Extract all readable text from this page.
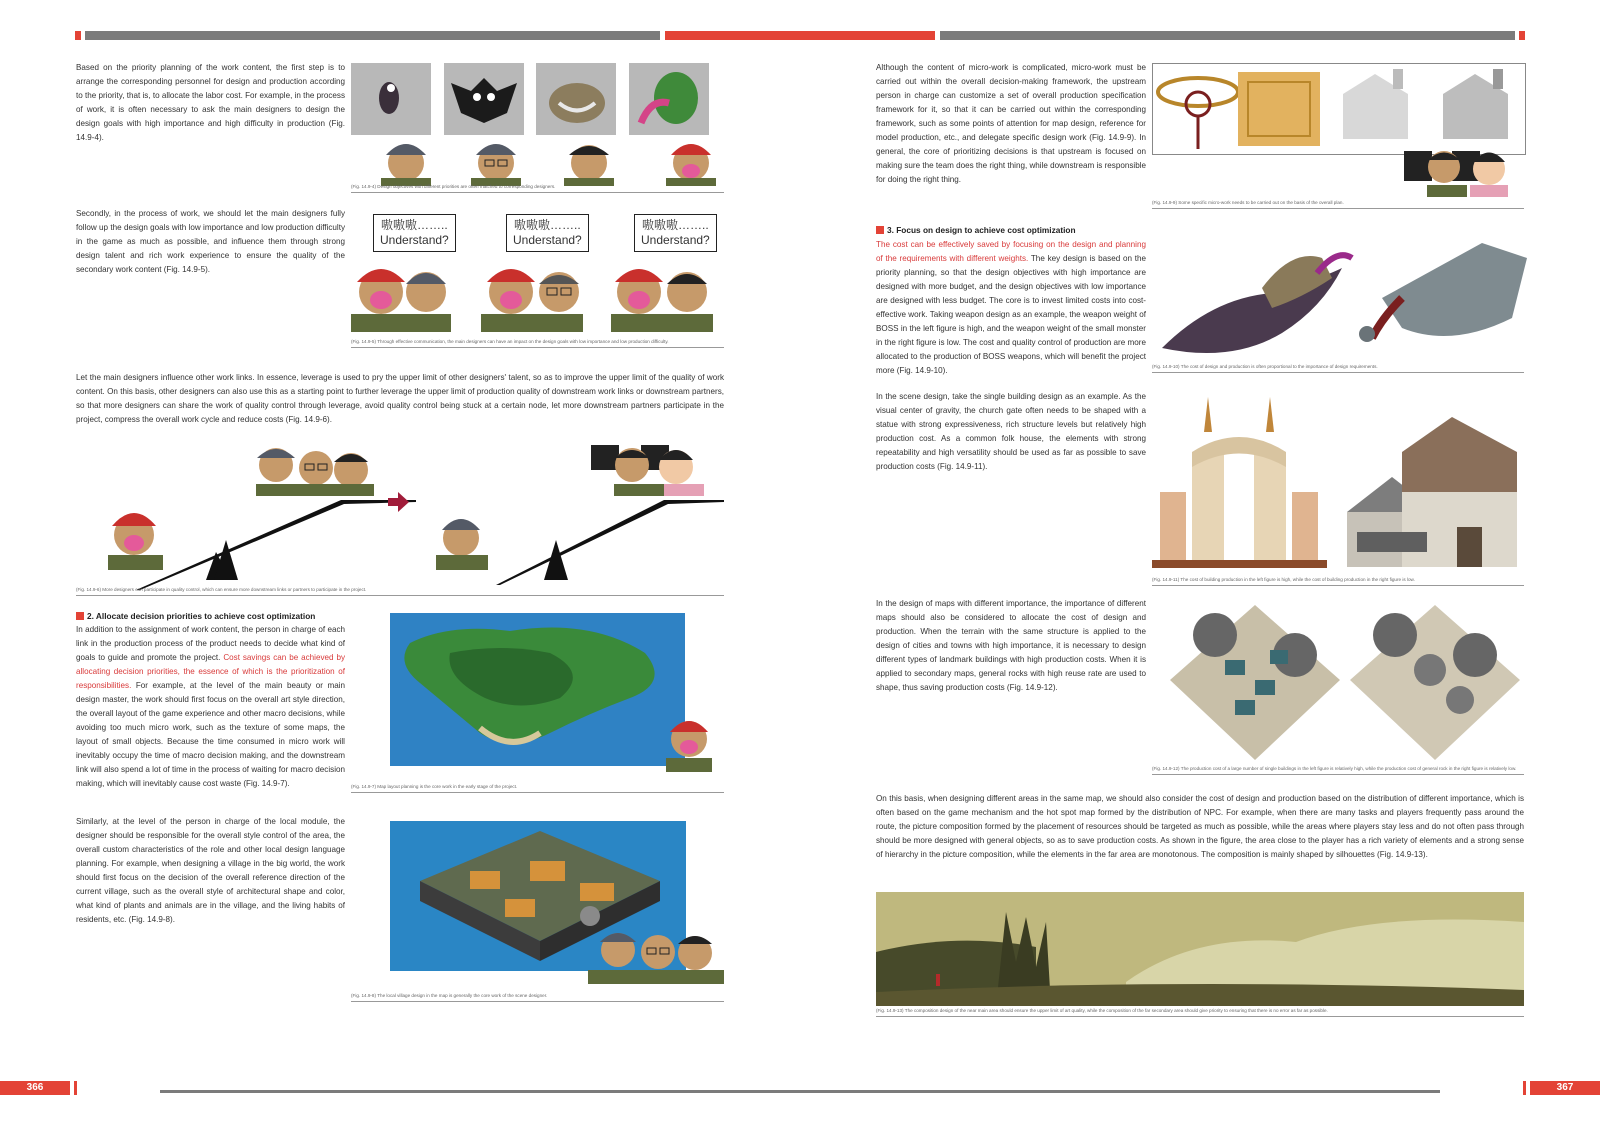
Based on the priority planning of the work content, the first step is to arrange the corresponding personnel for design and production according to the priority, that is, to allocate the labor cost. For example, in the process of work, it is often necessary to ask the main designers to design the design goals with high importance and high difficulty in production (Fig. 14.9-4).

(Fig. 14.9-4) Design objectives with different priorities are often matched to corresponding designers.

Secondly, in the process of work, we should let the main designers fully follow up the design goals with low importance and low production difficulty in the game as much as possible, and influence them through strong design talent and rich work experience to ensure the quality of the secondary work content (Fig. 14.9-5).

嗷嗷嗷……..
Understand?
嗷嗷嗷……..
Understand?
嗷嗷嗷……..
Understand?
(Fig. 14.9-5) Through effective communication, the main designers can have an impact on the design goals with low importance and low production difficulty.

Let the main designers influence other work links. In essence, leverage is used to pry the upper limit of other designers' talent, so as to improve the upper limit of the quality of work content. On this basis, other designers can also use this as a starting point to further leverage the upper limit of production quality of downstream work links or downstream partners, so that more designers can share the work of quality control through leverage, avoid quality control being stuck at a certain node, let more downstream partners participate in the project, compress the overall work cycle and reduce costs (Fig. 14.9-6).

(Fig. 14.9-6) More designers can participate in quality control, which can ensure more downstream links or partners to participate in the project.
2. Allocate decision priorities to achieve cost optimization

In addition to the assignment of work content, the person in charge of each link in the production process of the product needs to decide what kind of goals to guide and promote the project. Cost savings can be achieved by allocating decision priorities, the essence of which is the prioritization of responsibilities. For example, at the level of the main beauty or main design master, the work should first focus on the overall art style direction, the overall layout of the game experience and other macro decisions, while avoiding too much micro work, such as the texture of some maps, the layout of small objects. Because the time consumed in micro work will inevitably occupy the time of macro decision making, and the downstream link will also spend a lot of time in the process of waiting for macro decision making, which will inevitably cause cost waste (Fig. 14.9-7).	(Fig. 14.9-7) Map layout planning is the core work in the early stage of the project.

Similarly, at the level of the person in charge of the local module, the designer should be responsible for the overall style control of the area, the overall custom characteristics of the role and other local design language planning. For example, when designing a village in the big world, the work should first focus on the decision of the overall reference direction of the current village, such as the overall style of architectural shape and color, what kind of plants and animals are in the village, and the living habits of residents, etc. (Fig. 14.9-8).

(Fig. 14.9-8) The local village design in the map is generally the core work of the scene designer.

Although the content of micro-work is complicated, micro-work must be carried out within the overall decision-making framework, the upstream person in charge can customize a set of overall production specification framework for it, so that it can be carried out within the corresponding framework, such as some points of attention for map design, reference for model production, etc., and delegate specific design work (Fig. 14.9-9). In general, the core of prioritizing decisions is that upstream is focused on making sure the team does the right thing, while downstream is responsible for doing the right thing.

(Fig. 14.9-9) Some specific micro-work needs to be carried out on the basis of the overall plan.
3. Focus on design to achieve cost optimization

The cost can be effectively saved by focusing on the design and planning of the requirements with different weights. The key design is based on the priority planning, so that the design objectives with high importance are designed with more budget, and the design objectives with low importance are designed with less budget. The core is to invest limited costs into cost-effective work. Taking weapon design as an example, the weapon weight of BOSS in the left figure is high, and the weapon weight of the small monster in the right figure is low. The cost and quality control of production are more allocated to the production of BOSS weapons, which will benefit the project more (Fig. 14.9-10).	(Fig. 14.9-10) The cost of design and production is often proportional to the importance of design requirements.

In the scene design, take the single building design as an example. As the visual center of gravity, the church gate often needs to be shaped with a statue with strong expressiveness, rich structure levels but relatively high production cost. As a common folk house, the elements with strong repeatability and high versatility should be used as far as possible to save production costs (Fig. 14.9-11).

(Fig. 14.9-11) The cost of building production in the left figure is high, while the cost of building production in the right figure is low.

In the design of maps with different importance, the importance of different maps should also be considered to allocate the cost of design and production. When the terrain with the same structure is applied to the design of cities and towns with high importance, it is necessary to design different types of landmark buildings with high production costs. When it is applied to secondary maps, general rocks with high reuse rate are used to shape, thus saving production costs (Fig. 14.9-12).

(Fig. 14.9-12) The production cost of a large number of single buildings in the left figure is relatively high, while the production cost of general rock in the right figure is relatively low.

On this basis, when designing different areas in the same map, we should also consider the cost of design and production based on the distribution of different importance, which is often based on the game mechanism and the hot spot map formed by the distribution of NPC. For example, when there are many tasks and players frequently pass around the route, the picture composition formed by the placement of resources should be targeted as much as possible, while the areas where players stay less and do not often pass through should be more designed with general objects, so as to save production costs. As shown in the figure, the area close to the player has a rich variety of elements and a strong sense of hierarchy in the picture composition, while the elements in the far area are monotonous. The composition is mainly shaped by silhouettes (Fig. 14.9-13).

(Fig. 14.9-13) The composition design of the near main area should ensure the upper limit of art quality, while the composition of the far secondary area should give priority to ensuring that there is no error as far as possible.
366	367
